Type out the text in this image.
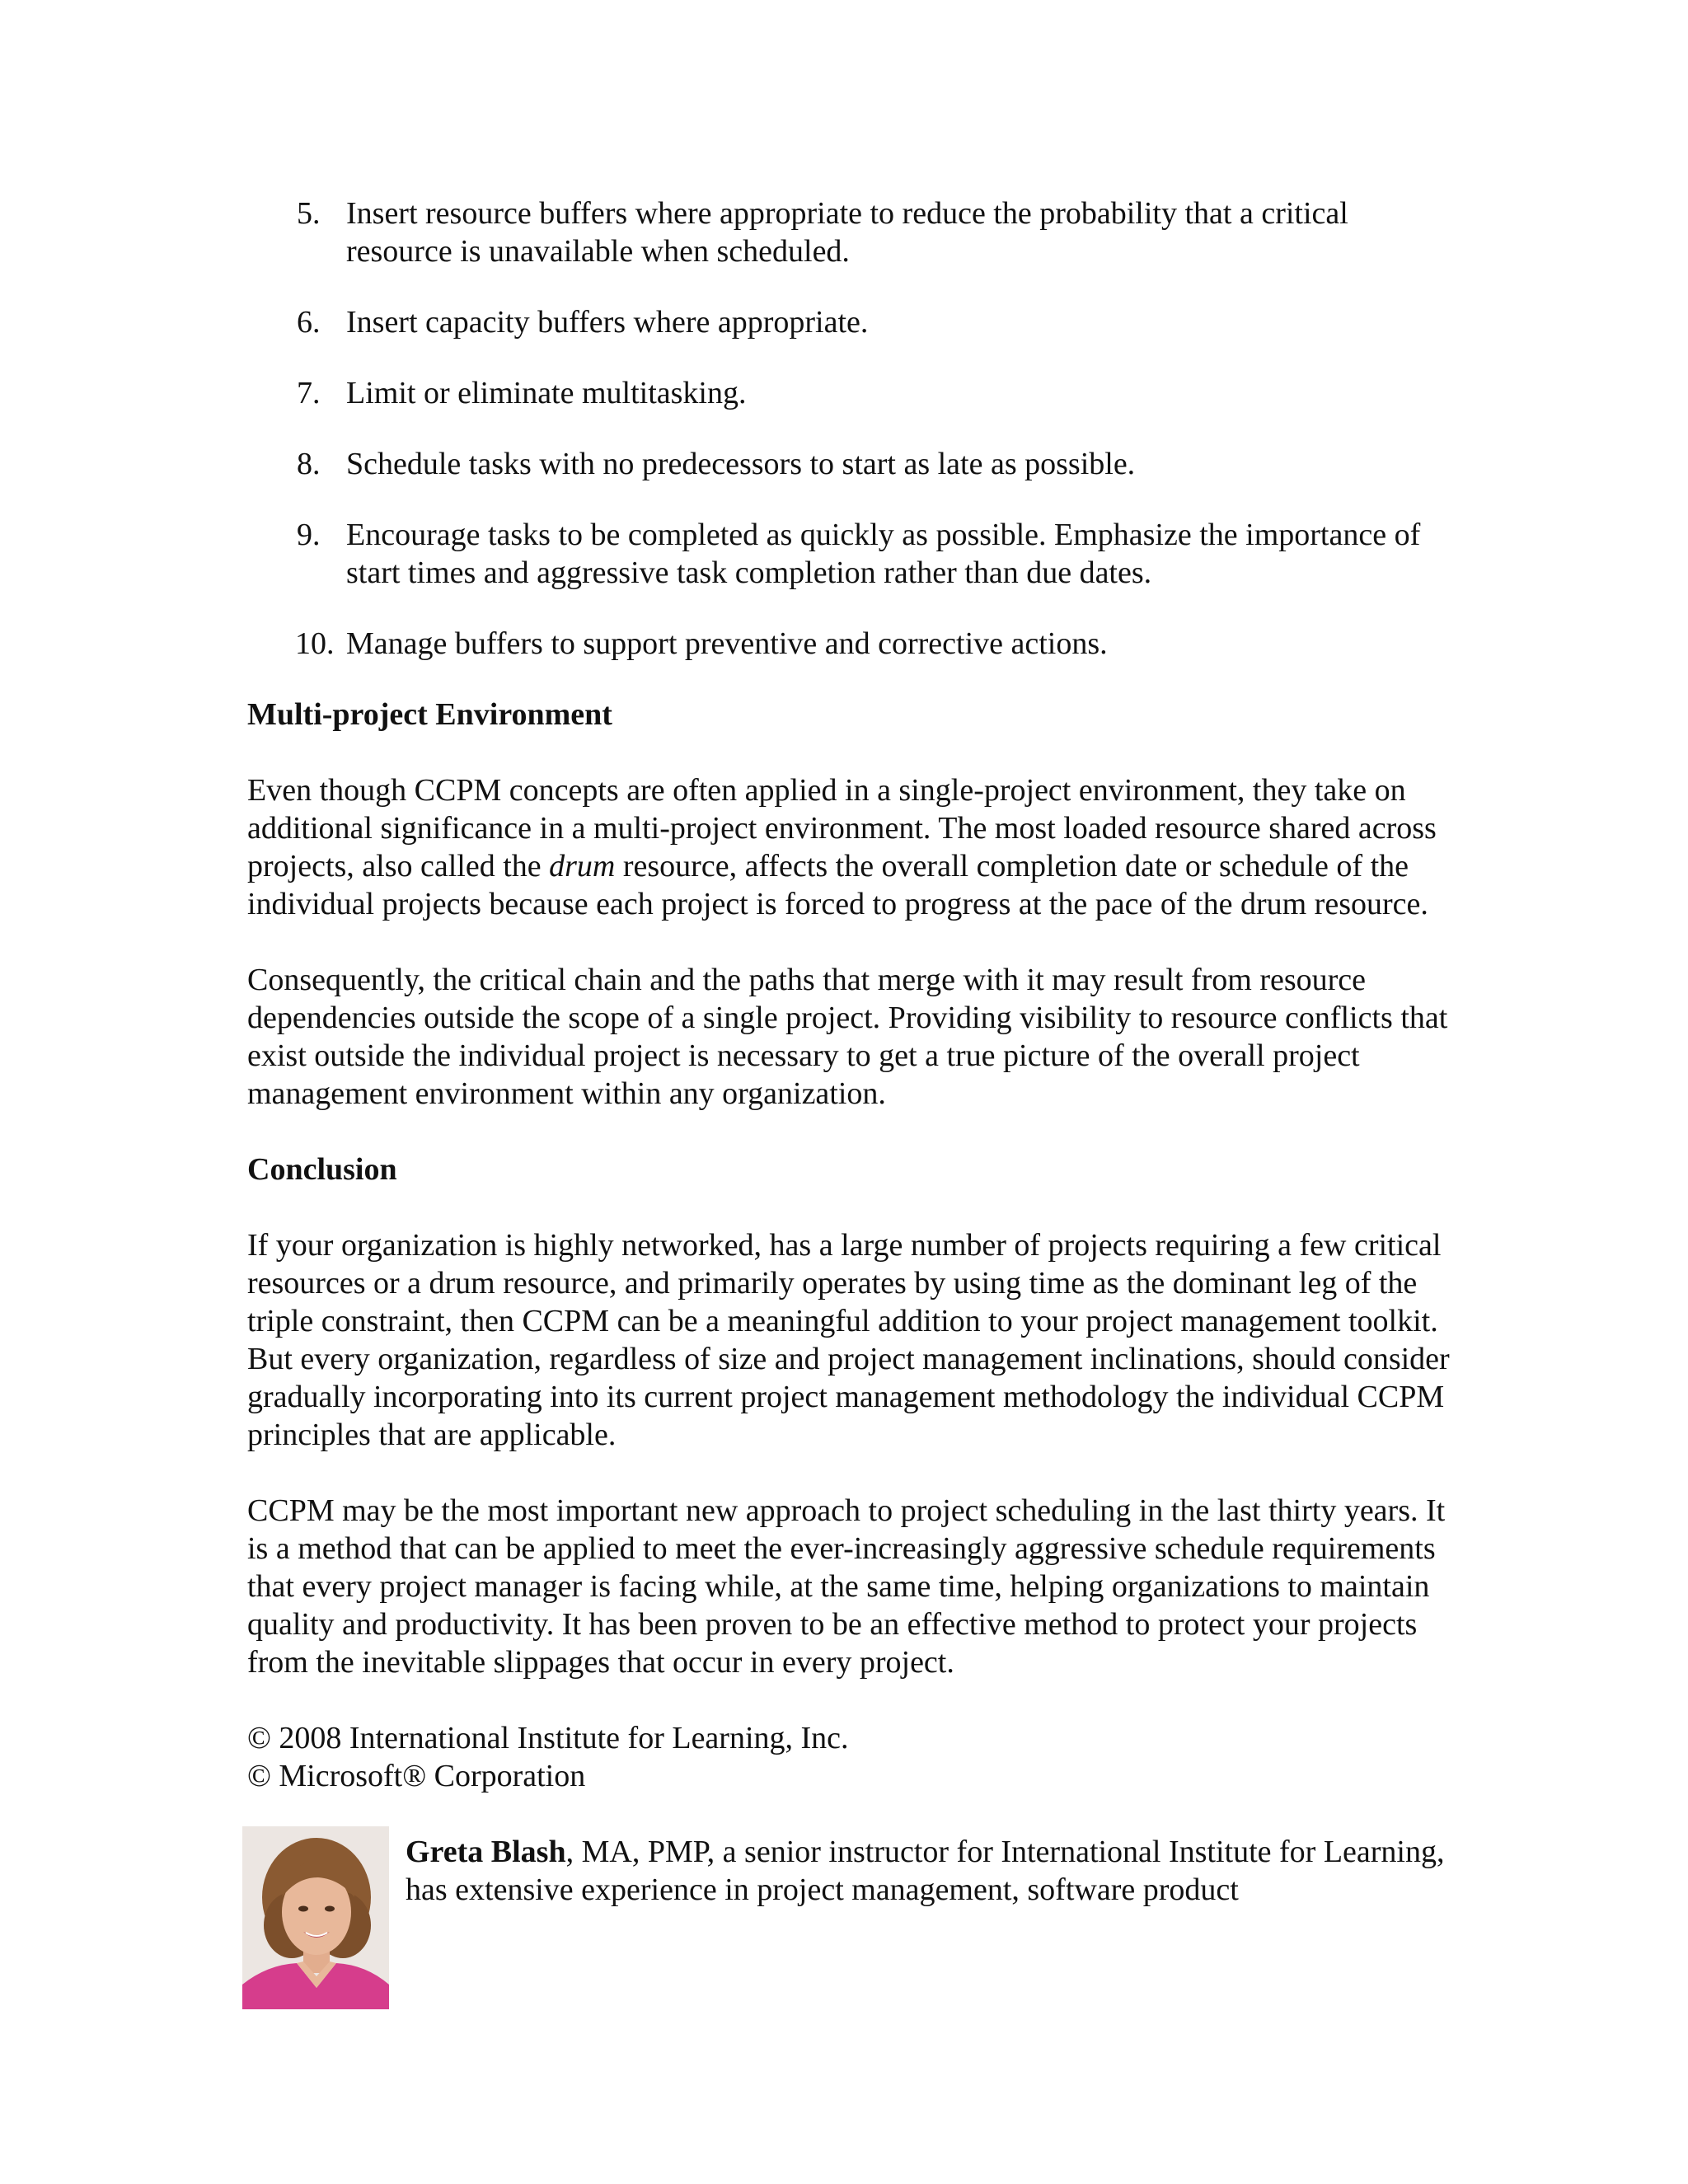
5. Insert resource buffers where appropriate to reduce the probability that a critical resource is unavailable when scheduled.
6. Insert capacity buffers where appropriate.
7. Limit or eliminate multitasking.
8. Schedule tasks with no predecessors to start as late as possible.
9. Encourage tasks to be completed as quickly as possible. Emphasize the importance of start times and aggressive task completion rather than due dates.
10. Manage buffers to support preventive and corrective actions.
Multi-project Environment

Even though CCPM concepts are often applied in a single-project environment, they take on additional significance in a multi-project environment. The most loaded resource shared across projects, also called the drum resource, affects the overall completion date or schedule of the individual projects because each project is forced to progress at the pace of the drum resource.

Consequently, the critical chain and the paths that merge with it may result from resource dependencies outside the scope of a single project. Providing visibility to resource conflicts that exist outside the individual project is necessary to get a true picture of the overall project management environment within any organization.

Conclusion

If your organization is highly networked, has a large number of projects requiring a few critical resources or a drum resource, and primarily operates by using time as the dominant leg of the triple constraint, then CCPM can be a meaningful addition to your project management toolkit. But every organization, regardless of size and project management inclinations, should consider gradually incorporating into its current project management methodology the individual CCPM principles that are applicable.

CCPM may be the most important new approach to project scheduling in the last thirty years. It is a method that can be applied to meet the ever-increasingly aggressive schedule requirements that every project manager is facing while, at the same time, helping organizations to maintain quality and productivity. It has been proven to be an effective method to protect your projects from the inevitable slippages that occur in every project.

© 2008 International Institute for Learning, Inc.
© Microsoft® Corporation
Greta Blash, MA, PMP, a senior instructor for International Institute for Learning, has extensive experience in project management, software product
